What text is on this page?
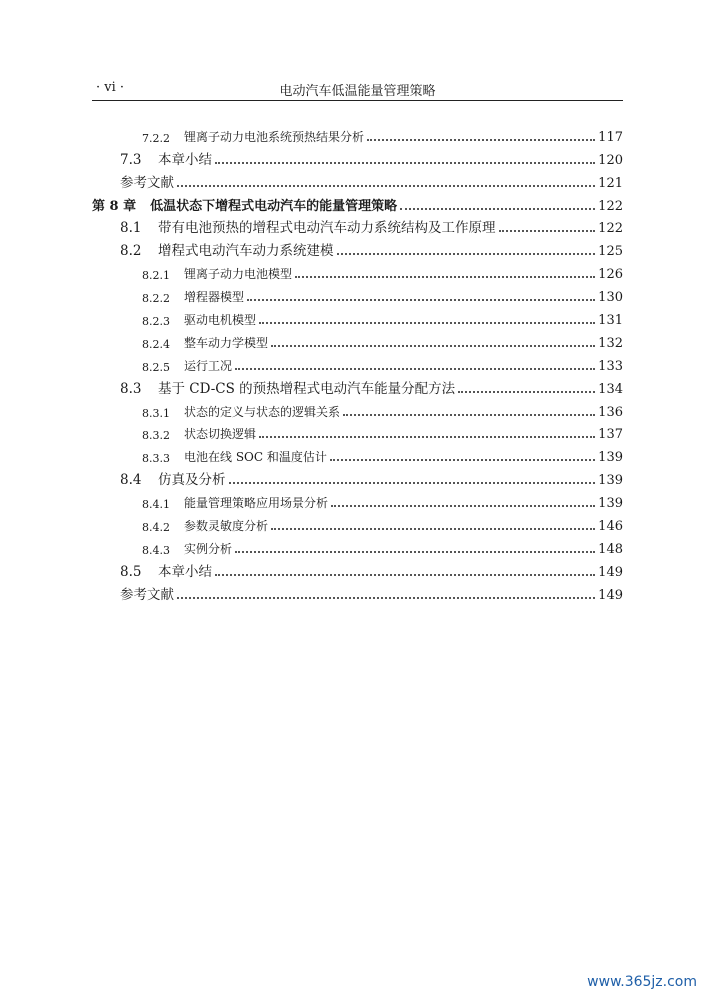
· vi ·	电动汽车低温能量管理策略
7.2.2	锂离子动力电池系统预热结果分析	117
7.3	本章小结	120
参考文献	121
第 8 章 低温状态下增程式电动汽车的能量管理策略	122
8.1	带有电池预热的增程式电动汽车动力系统结构及工作原理	122
8.2	增程式电动汽车动力系统建模	125
8.2.1	锂离子动力电池模型	126
8.2.2	增程器模型	130
8.2.3	驱动电机模型	131
8.2.4	整车动力学模型	132
8.2.5	运行工况	133
8.3	基于 CD-CS 的预热增程式电动汽车能量分配方法	134
8.3.1	状态的定义与状态的逻辑关系	136
8.3.2	状态切换逻辑	137
8.3.3	电池在线 SOC 和温度估计	139
8.4	仿真及分析	139
8.4.1	能量管理策略应用场景分析	139
8.4.2	参数灵敏度分析	146
8.4.3	实例分析	148
8.5	本章小结	149
参考文献	149
www.365jz.com
